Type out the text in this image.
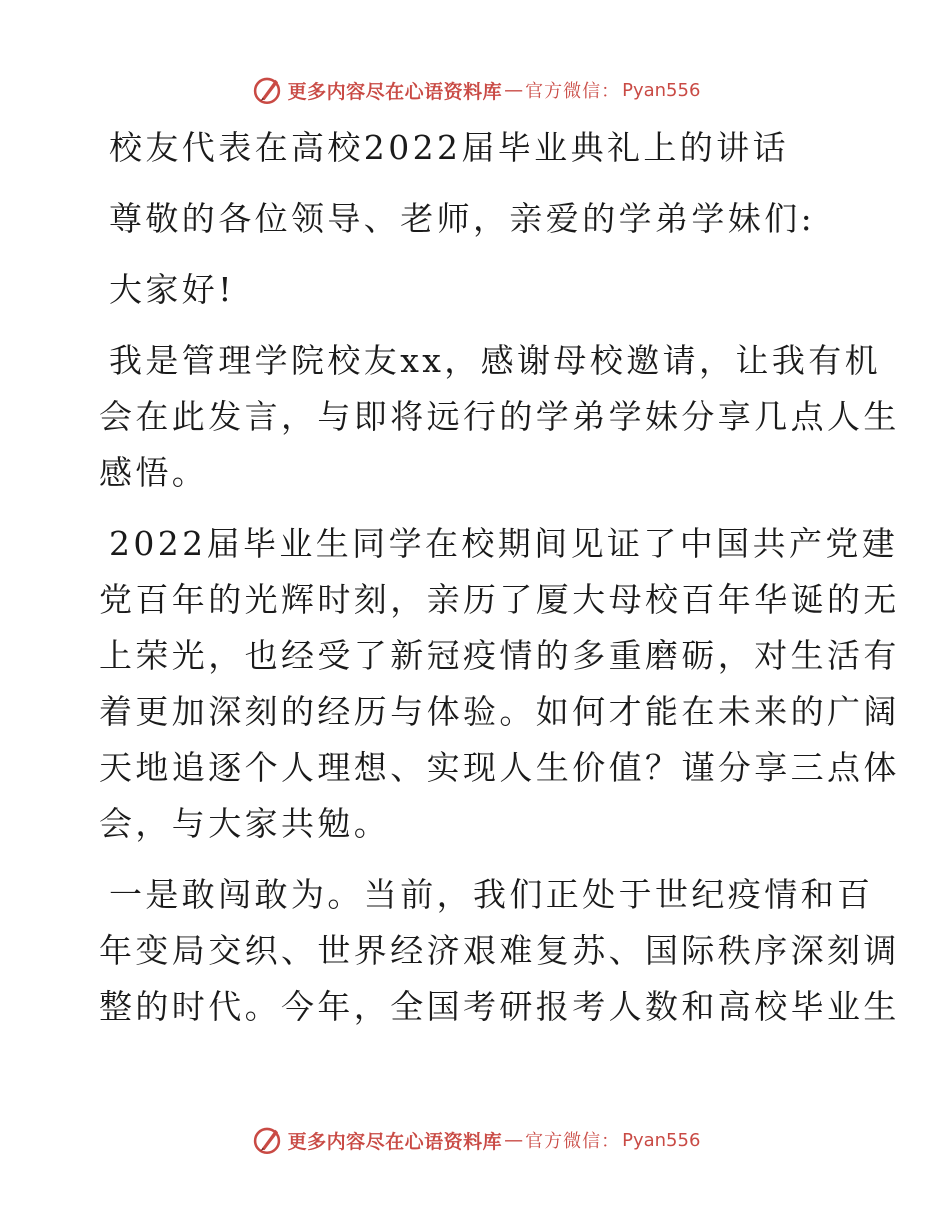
更多内容尽在心语资料库 — 官方微信： Pyan556

校友代表在高校2022届毕业典礼上的讲话

尊敬的各位领导、老师，亲爱的学弟学妹们:

大家好!

我是管理学院校友xx，感谢母校邀请，让我有机

会在此发言，与即将远行的学弟学妹分享几点人生

感悟。

2022届毕业生同学在校期间见证了中国共产党建

党百年的光辉时刻，亲历了厦大母校百年华诞的无

上荣光，也经受了新冠疫情的多重磨砺，对生活有

着更加深刻的经历与体验。如何才能在未来的广阔

天地追逐个人理想、实现人生价值？谨分享三点体

会，与大家共勉。

一是敢闯敢为。当前，我们正处于世纪疫情和百

年变局交织、世界经济艰难复苏、国际秩序深刻调

整的时代。今年，全国考研报考人数和高校毕业生

更多内容尽在心语资料库 — 官方微信： Pyan556
